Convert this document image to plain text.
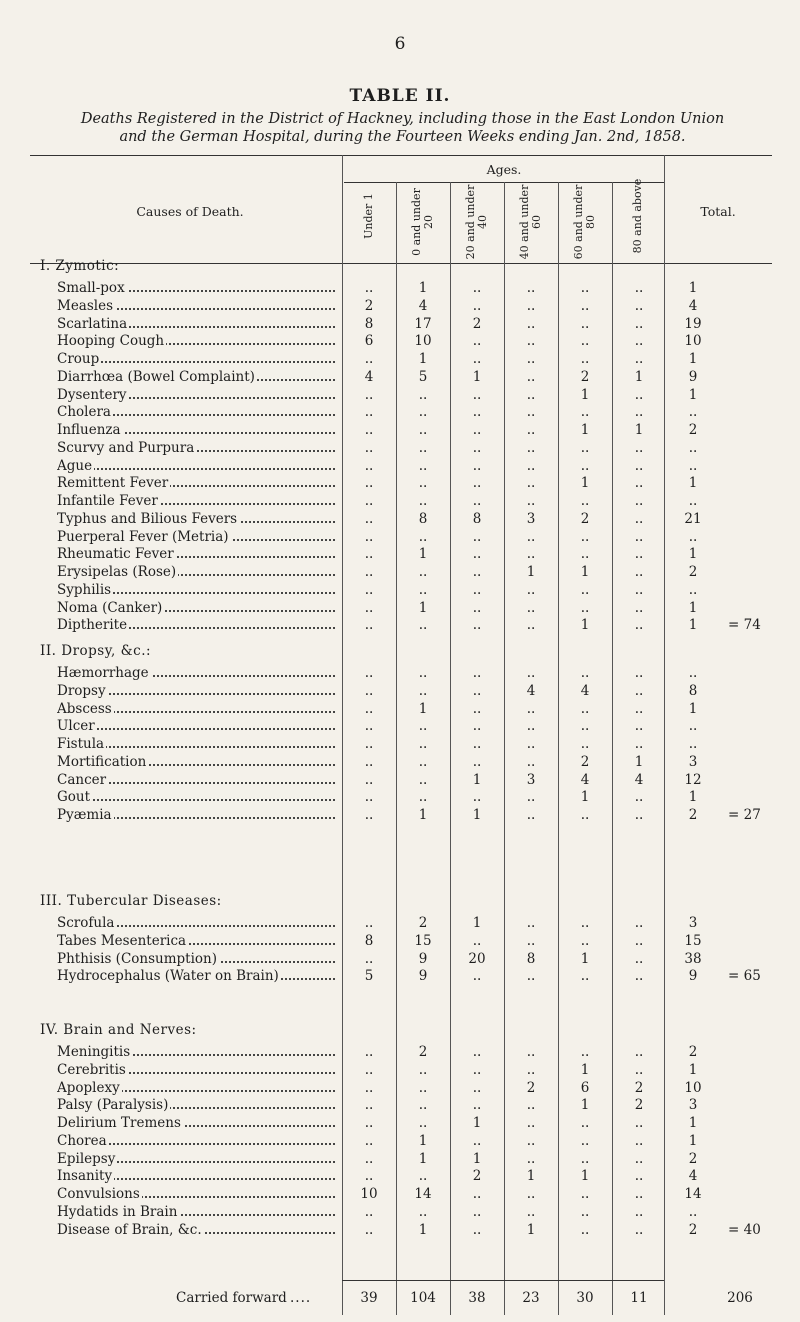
6
TABLE II.
Deaths Registered in the District of Hackney, including those in the East London Union
and the German Hospital, during the Fourteen Weeks ending Jan. 2nd, 1858.
Causes of Death.
Ages.
Total.
Under 1	0 and under 20	20 and under 40	40 and under 60	60 and under 80	80 and above
I. Zymotic:
Small-pox	..	1	..	..	..	..	1
Measles	2	4	..	..	..	..	4
Scarlatina	8	17	2	..	..	..	19
Hooping Cough	6	10	..	..	..	..	10
Croup	..	1	..	..	..	..	1
Diarrhœa (Bowel Complaint)	4	5	1	..	2	1	9
Dysentery	..	..	..	..	1	..	1
Cholera	..	..	..	..	..	..	..
Influenza	..	..	..	..	1	1	2
Scurvy and Purpura	..	..	..	..	..	..	..
Ague	..	..	..	..	..	..	..
Remittent Fever	..	..	..	..	1	..	1
Infantile Fever	..	..	..	..	..	..	..
Typhus and Bilious Fevers	..	8	8	3	2	..	21
Puerperal Fever (Metria)	..	..	..	..	..	..	..
Rheumatic Fever	..	1	..	..	..	..	1
Erysipelas (Rose)	..	..	..	1	1	..	2
Syphilis	..	..	..	..	..	..	..
Noma (Canker)	..	1	..	..	..	..	1
Diptherite	..	..	..	..	1	..	1	= 74
II. Dropsy, &c.:
Hæmorrhage	..	..	..	..	..	..	..
Dropsy	..	..	..	4	4	..	8
Abscess	..	1	..	..	..	..	1
Ulcer	..	..	..	..	..	..	..
Fistula	..	..	..	..	..	..	..
Mortification	..	..	..	..	2	1	3
Cancer	..	..	1	3	4	4	12
Gout	..	..	..	..	1	..	1
Pyæmia	..	1	1	..	..	..	2	= 27
III. Tubercular Diseases:
Scrofula	..	2	1	..	..	..	3
Tabes Mesenterica	8	15	..	..	..	..	15
Phthisis (Consumption)	..	9	20	8	1	..	38
Hydrocephalus (Water on Brain)	5	9	..	..	..	..	9	= 65
IV. Brain and Nerves:
Meningitis	..	2	..	..	..	..	2
Cerebritis	..	..	..	..	1	..	1
Apoplexy	..	..	..	2	6	2	10
Palsy (Paralysis)	..	..	..	..	1	2	3
Delirium Tremens	..	..	1	..	..	..	1
Chorea	..	1	..	..	..	..	1
Epilepsy	..	1	1	..	..	..	2
Insanity	..	..	2	1	1	..	4
Convulsions	10	14	..	..	..	..	14
Hydatids in Brain	..	..	..	..	..	..	..
Disease of Brain, &c.	..	1	..	1	..	..	2	= 40
Carried forward ....	39	104	38	23	30	11	206
